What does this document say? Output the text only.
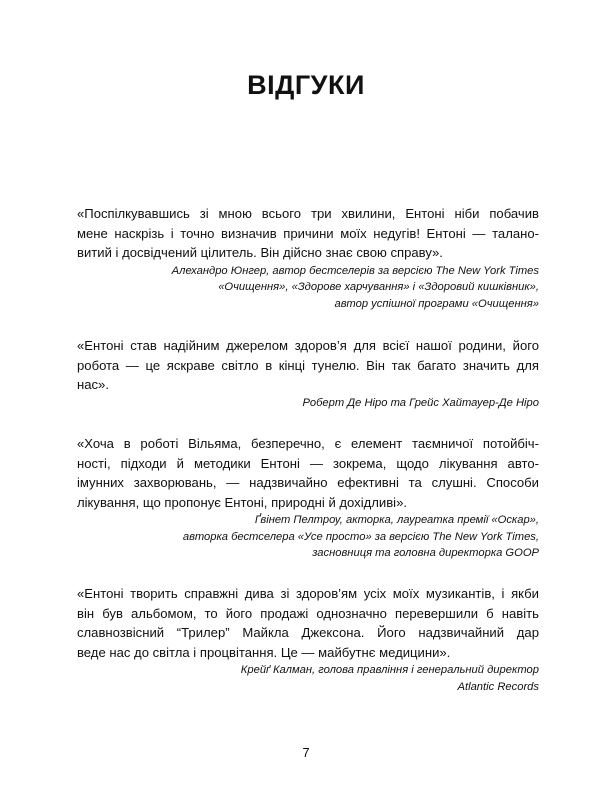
ВІДГУКИ
«Поспілкувавшись зі мною всього три хвилини, Ентоні ніби побачив
мене наскрізь і точно визначив причини моїх недугів! Ентоні — талано-
витий і досвідчений цілитель. Він дійсно знає свою справу».
Алехандро Юнгер, автор бестселерів за версією The New York Times
«Очищення», «Здорове харчування» і «Здоровий кишківник»,
автор успішної програми «Очищення»
«Ентоні став надійним джерелом здоров’я для всієї нашої родини, його
робота — це яскраве світло в кінці тунелю. Він так багато значить для
нас».
Роберт Де Ніро та Грейс Хайтауер-Де Ніро
«Хоча в роботі Вільяма, безперечно, є елемент таємничої потойбіч-
ності, підходи й методики Ентоні — зокрема, щодо лікування авто-
імунних захворювань, — надзвичайно ефективні та слушні. Способи
лікування, що пропонує Ентоні, природні й дохідливі».
Ґвінет Пелтроу, акторка, лауреатка премії «Оскар»,
авторка бестселера «Усе просто» за версією The New York Times,
засновниця та головна директорка GOOP
«Ентоні творить справжні дива зі здоров’ям усіх моїх музикантів, і якби
він був альбомом, то його продажі однозначно перевершили б навіть
славнозвісний “Трилер” Майкла Джексона. Його надзвичайний дар
веде нас до світла і процвітання. Це — майбутнє медицини».
Крейґ Калман, голова правління і генеральний директор
Atlantic Records
7
